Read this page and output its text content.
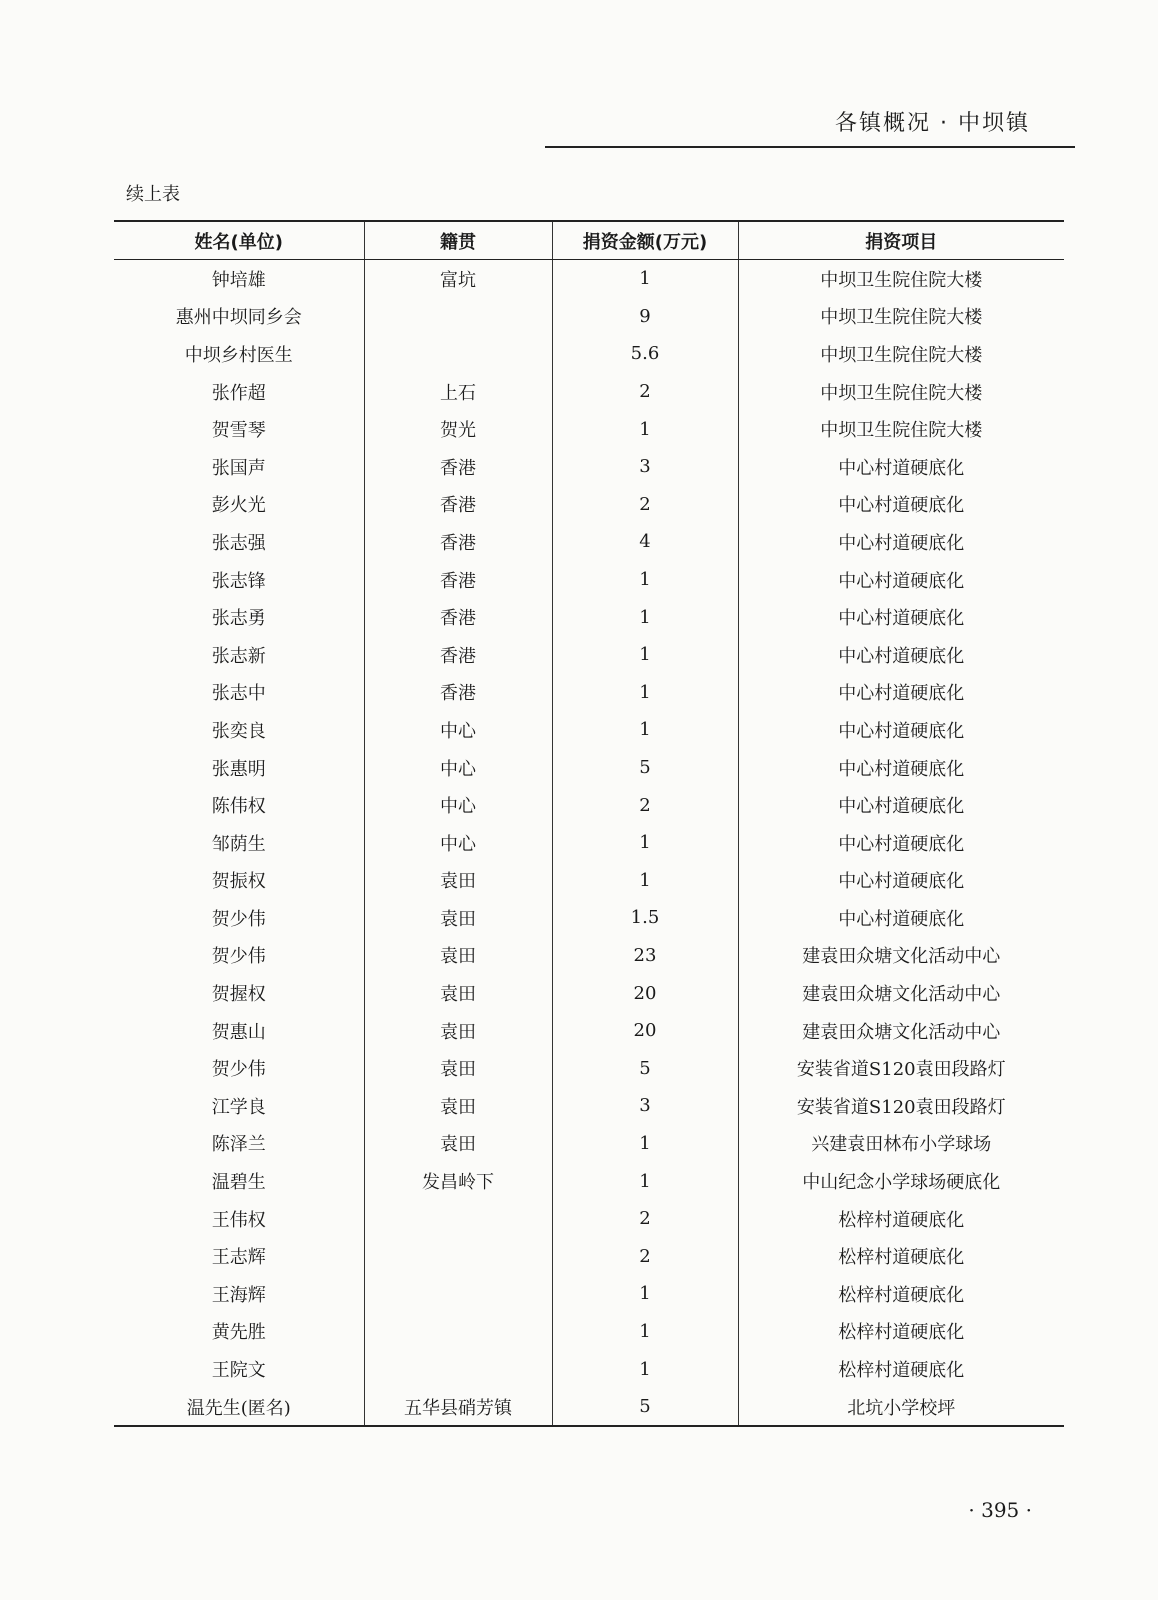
各镇概况 · 中坝镇
续上表
姓名(单位)	籍贯	捐资金额(万元)	捐资项目
钟培雄	富坑	1	中坝卫生院住院大楼
惠州中坝同乡会		9	中坝卫生院住院大楼
中坝乡村医生		5.6	中坝卫生院住院大楼
张作超	上石	2	中坝卫生院住院大楼
贺雪琴	贺光	1	中坝卫生院住院大楼
张国声	香港	3	中心村道硬底化
彭火光	香港	2	中心村道硬底化
张志强	香港	4	中心村道硬底化
张志锋	香港	1	中心村道硬底化
张志勇	香港	1	中心村道硬底化
张志新	香港	1	中心村道硬底化
张志中	香港	1	中心村道硬底化
张奕良	中心	1	中心村道硬底化
张惠明	中心	5	中心村道硬底化
陈伟权	中心	2	中心村道硬底化
邹荫生	中心	1	中心村道硬底化
贺振权	袁田	1	中心村道硬底化
贺少伟	袁田	1.5	中心村道硬底化
贺少伟	袁田	23	建袁田众塘文化活动中心
贺握权	袁田	20	建袁田众塘文化活动中心
贺惠山	袁田	20	建袁田众塘文化活动中心
贺少伟	袁田	5	安装省道S120袁田段路灯
江学良	袁田	3	安装省道S120袁田段路灯
陈泽兰	袁田	1	兴建袁田林布小学球场
温碧生	发昌岭下	1	中山纪念小学球场硬底化
王伟权		2	松梓村道硬底化
王志辉		2	松梓村道硬底化
王海辉		1	松梓村道硬底化
黄先胜		1	松梓村道硬底化
王院文		1	松梓村道硬底化
温先生(匿名)	五华县硝芳镇	5	北坑小学校坪
· 395 ·
